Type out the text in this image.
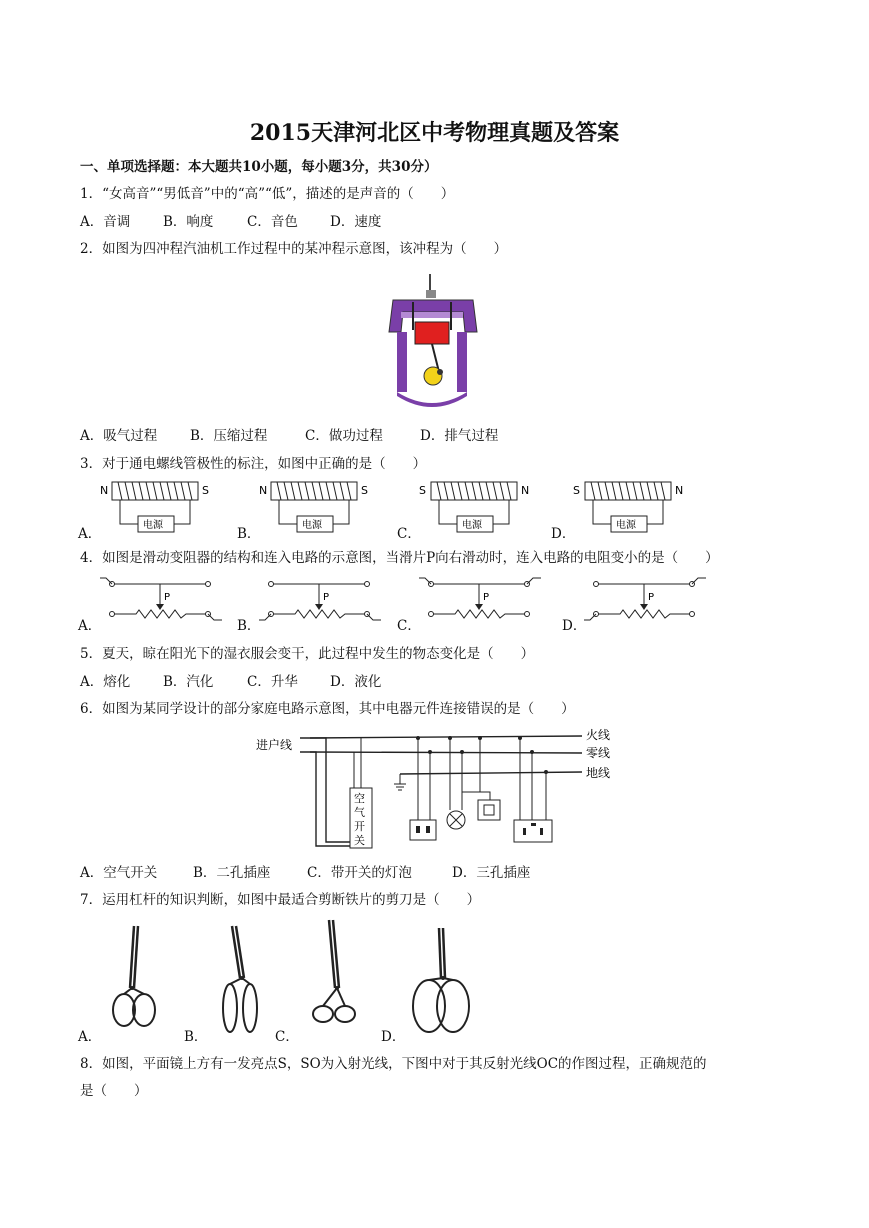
2015天津河北区中考物理真题及答案
一、单项选择题：本大题共10小题，每小题3分，共30分）
1．“女高音”“男低音”中的“高”“低”，描述的是声音的（　　）
A．音调 B．响度 C．音色 D．速度
2．如图为四冲程汽油机工作过程中的某冲程示意图，该冲程为（　　）
A．吸气过程 B．压缩过程	C．做功过程	D．排气过程
3．对于通电螺线管极性的标注，如图中正确的是（　　）
A．
N	S
电源
B．
N	S
电源
C．
S	N
电源
D．
S	N
电源
4．如图是滑动变阻器的结构和连入电路的示意图，当滑片P向右滑动时，连入电路的电阻变小的是（　　）
A．
P
B．
P
C．
P
D．
P
5．夏天，晾在阳光下的湿衣服会变干，此过程中发生的物态变化是（　　）
A．熔化 B．汽化 C．升华 D．液化
6．如图为某同学设计的部分家庭电路示意图，其中电器元件连接错误的是（　　）
进户线
火线
零线
地线
空
气
开
关
A．空气开关	B．二孔插座	C．带开关的灯泡	D．三孔插座
7．运用杠杆的知识判断，如图中最适合剪断铁片的剪刀是（　　）
A．	B．	C．	D．
8．如图，平面镜上方有一发亮点S，SO为入射光线，下图中对于其反射光线OC的作图过程，正确规范的
是（　　）
